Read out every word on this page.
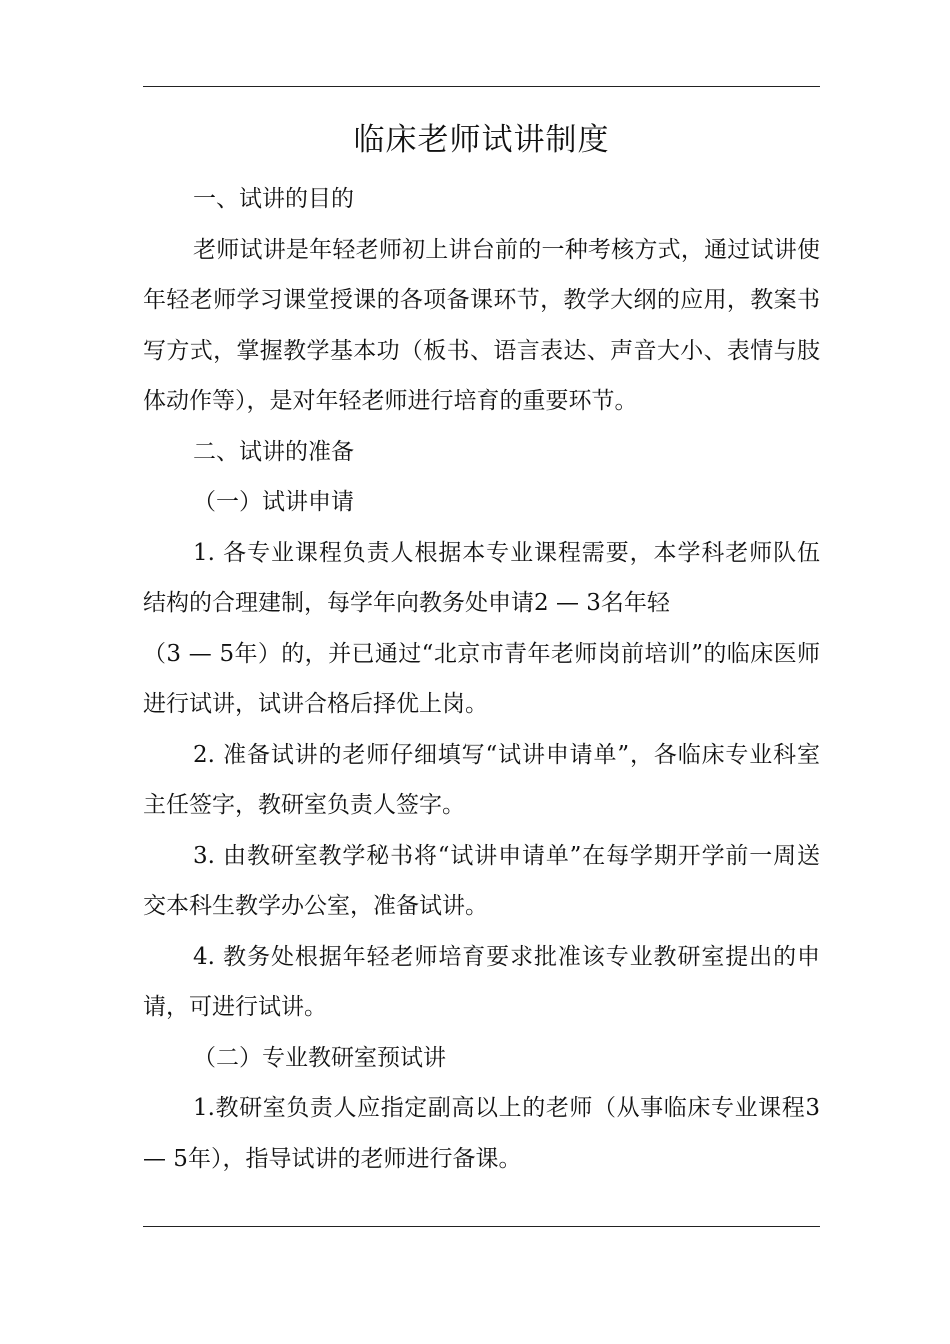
临床老师试讲制度

一、试讲的目的

老师试讲是年轻老师初上讲台前的一种考核方式，通过试讲使年轻老师学习课堂授课的各项备课环节，教学大纲的应用，教案书写方式，掌握教学基本功（板书、语言表达、声音大小、表情与肢体动作等），是对年轻老师进行培育的重要环节。

二、试讲的准备

（一）试讲申请

1. 各专业课程负责人根据本专业课程需要，本学科老师队伍结构的合理建制，每学年向教务处申请2 — 3名年轻

（3 — 5年）的，并已通过“北京市青年老师岗前培训”的临床医师进行试讲，试讲合格后择优上岗。

2. 准备试讲的老师仔细填写“试讲申请单”，各临床专业科室主任签字，教研室负责人签字。

3. 由教研室教学秘书将“试讲申请单”在每学期开学前一周送交本科生教学办公室，准备试讲。

4. 教务处根据年轻老师培育要求批准该专业教研室提出的申请，可进行试讲。

（二）专业教研室预试讲

1.教研室负责人应指定副高以上的老师（从事临床专业课程3 — 5年），指导试讲的老师进行备课。
